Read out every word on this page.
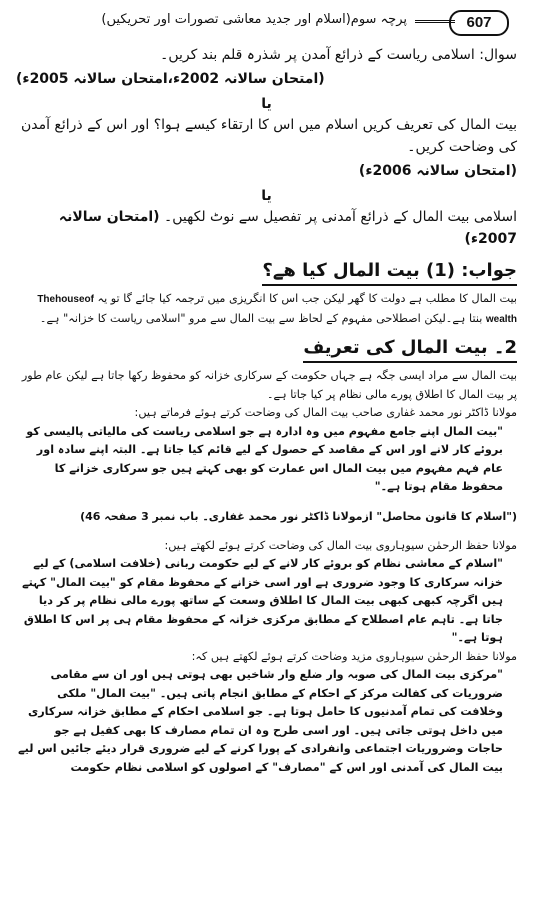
607
پرچہ سوم(اسلام اور جدید معاشی تصورات اور تحریکیں)
سوال: اسلامی ریاست کے ذرائع آمدن پر شذرہ قلم بند کریں۔
(امتحان سالانہ 2002ء،امتحان سالانہ 2005ء)
یا
بیت المال کی تعریف کریں اسلام میں اس کا ارتقاء کیسے ہوا؟ اور اس کے ذرائع آمدن کی وضاحت کریں۔
(امتحان سالانہ 2006ء)
یا
اسلامی بیت المال کے ذرائع آمدنی پر تفصیل سے نوٹ لکھیں۔ (امتحان سالانہ 2007ء)
جواب: (1) بیت المال کیا ھے؟

بیت المال کا مطلب ہے دولت کا گھر لیکن جب اس کا انگریزی میں ترجمہ کیا جائے گا تو یہ Thehouseof wealth بنتا ہے۔لیکن اصطلاحی مفہوم کے لحاظ سے بیت المال سے مرو "اسلامی ریاست کا خزانہ" ہے۔

2۔ بیت المال کی تعریف

بیت المال سے مراد ایسی جگہ ہے جہاں حکومت کے سرکاری خزانہ کو محفوظ رکھا جاتا ہے لیکن عام طور پر بیت المال کا اطلاق پورے مالی نظام پر کیا جاتا ہے۔

مولانا ڈاکٹر نور محمد غفاری صاحب بیت المال کی وضاحت کرتے ہوئے فرماتے ہیں:

"بیت المال اپنے جامع مفہوم میں وہ ادارہ ہے جو اسلامی ریاست کی مالیاتی پالیسی کو بروئے کار لانے اور اس کے مقاصد کے حصول کے لیے قائم کیا جاتا ہے۔ البتہ اپنے سادہ اور عام فہم مفہوم میں بیت المال اس عمارت کو بھی کہتے ہیں جو سرکاری خزانے کا محفوظ مقام ہوتا ہے۔"

("اسلام کا قانون محاصل" ازمولانا ڈاکٹر نور محمد غفاری۔ باب نمبر 3 صفحہ 46)

مولانا حفظ الرحمٰن سیوہاروی بیت المال کی وضاحت کرتے ہوئے لکھتے ہیں:

"اسلام کے معاشی نظام کو بروئے کار لانے کے لیے حکومت ربانی (خلافت اسلامی) کے لیے خزانہ سرکاری کا وجود ضروری ہے اور اسی خزانے کے محفوظ مقام کو "بیت المال" کہتے ہیں اگرچہ کبھی کبھی بیت المال کا اطلاق وسعت کے ساتھ پورے مالی نظام پر کر دیا جاتا ہے۔ تاہم عام اصطلاح کے مطابق مرکزی خزانہ کے محفوظ مقام ہی پر اس کا اطلاق ہوتا ہے۔"

مولانا حفظ الرحمٰن سیوہاروی مزید وضاحت کرتے ہوئے لکھتے ہیں کہ:

"مرکزی بیت المال کی صوبہ وار ضلع وار شاخیں بھی ہوتی ہیں اور ان سے مقامی ضروریات کی کفالت مرکز کے احکام کے مطابق انجام پاتی ہیں۔ "بیت المال" ملکی وخلافت کی تمام آمدنیوں کا حامل ہوتا ہے۔ جو اسلامی احکام کے مطابق خزانہ سرکاری میں داخل ہوتی جاتی ہیں۔ اور اسی طرح وہ ان تمام مصارف کا بھی کفیل ہے جو حاجات وضروریات اجتماعی وانفرادی کے پورا کرنے کے لیے ضروری قرار دیئے جائیں اس لیے بیت المال کی آمدنی اور اس کے "مصارف" کے اصولوں کو اسلامی نظام حکومت
